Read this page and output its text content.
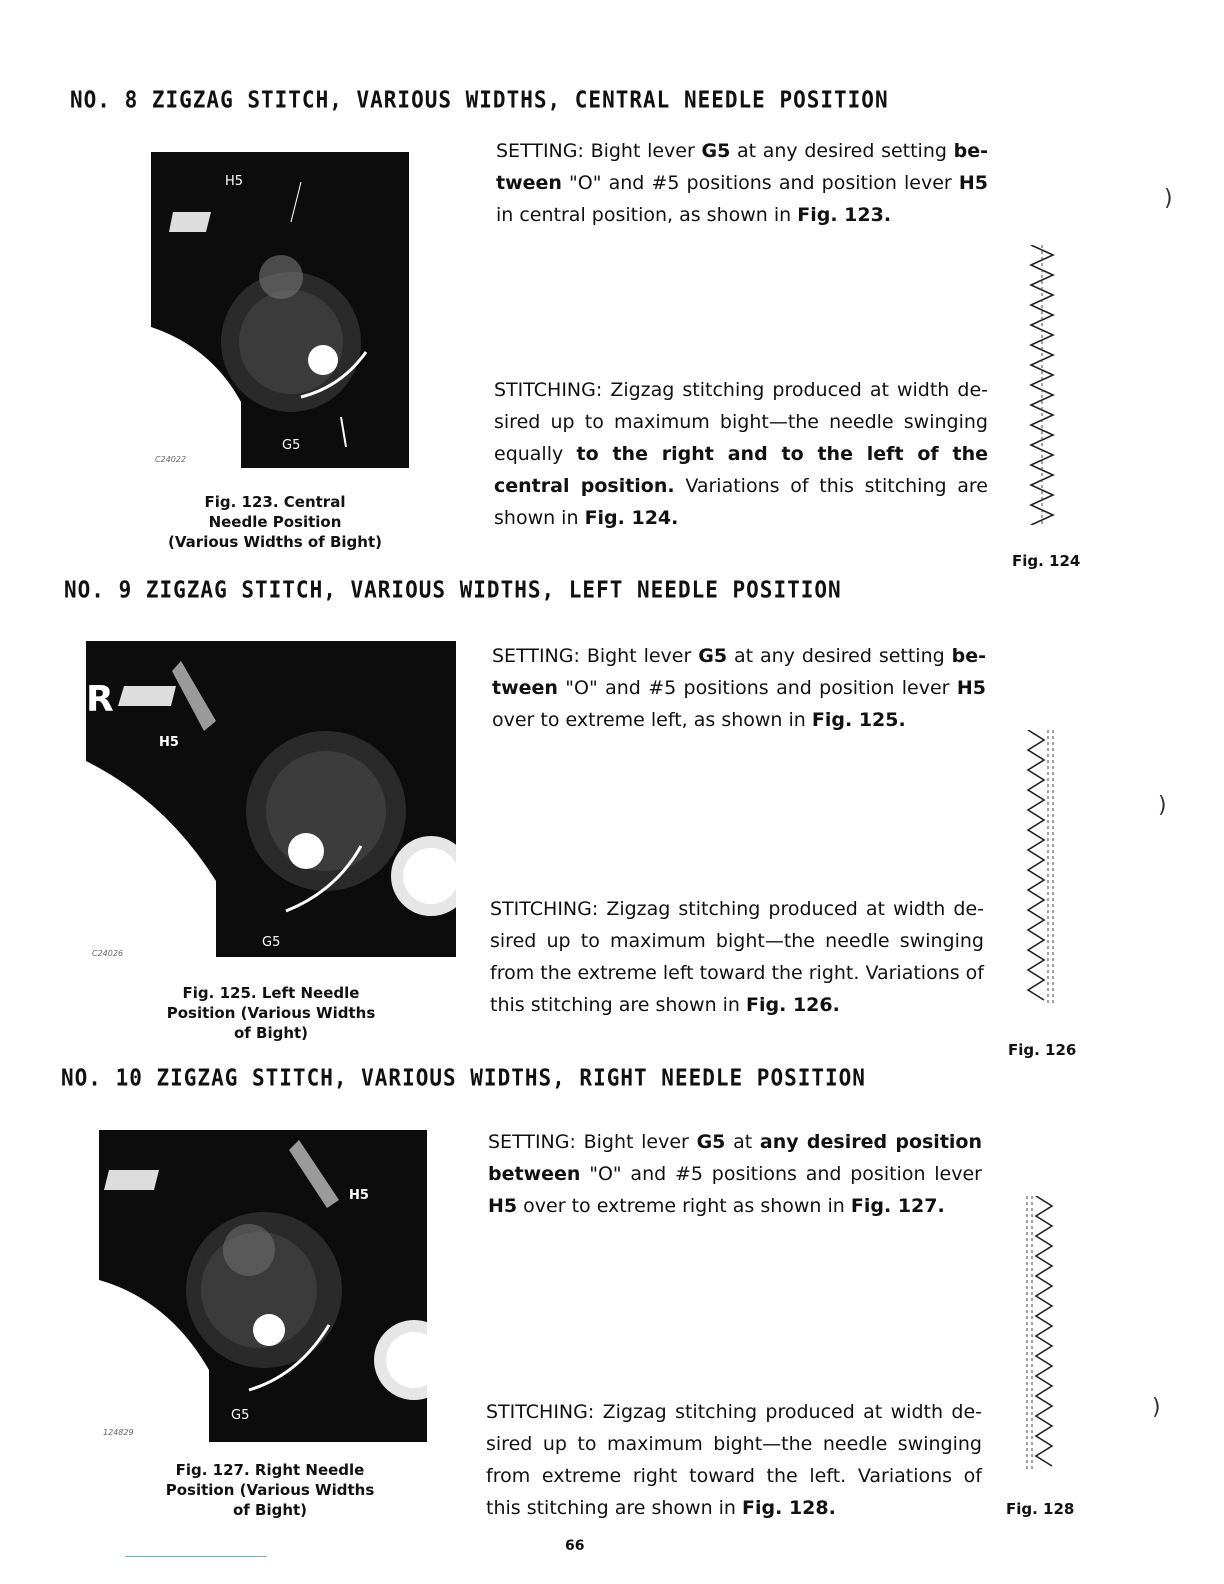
NO. 8 ZIGZAG STITCH, VARIOUS WIDTHS, CENTRAL NEEDLE POSITION
H5
G5
C24022
Fig. 123. Central
Needle Position
(Various Widths of Bight)
SETTING: Bight lever G5 at any desired setting be-tween "O" and #5 positions and position lever H5 in central position, as shown in Fig. 123.
STITCHING: Zigzag stitching produced at width de-sired up to maximum bight—the needle swinging equally to the right and to the left of the central position. Variations of this stitching are shown in Fig. 124.
Fig. 124
)
NO. 9 ZIGZAG STITCH, VARIOUS WIDTHS, LEFT NEEDLE POSITION
R
H5
G5
C24026
Fig. 125. Left Needle
Position (Various Widths
of Bight)
SETTING: Bight lever G5 at any desired setting be-tween "O" and #5 positions and position lever H5 over to extreme left, as shown in Fig. 125.
STITCHING: Zigzag stitching produced at width de-sired up to maximum bight—the needle swinging from the extreme left toward the right. Variations of this stitching are shown in Fig. 126.
Fig. 126
)
NO. 10 ZIGZAG STITCH, VARIOUS WIDTHS, RIGHT NEEDLE POSITION
H5
G5
124829
Fig. 127. Right Needle
Position (Various Widths
of Bight)
SETTING: Bight lever G5 at any desired position between "O" and #5 positions and position lever H5 over to extreme right as shown in Fig. 127.
STITCHING: Zigzag stitching produced at width de-sired up to maximum bight—the needle swinging from extreme right toward the left. Variations of this stitching are shown in Fig. 128.	Fig. 128
)
66
